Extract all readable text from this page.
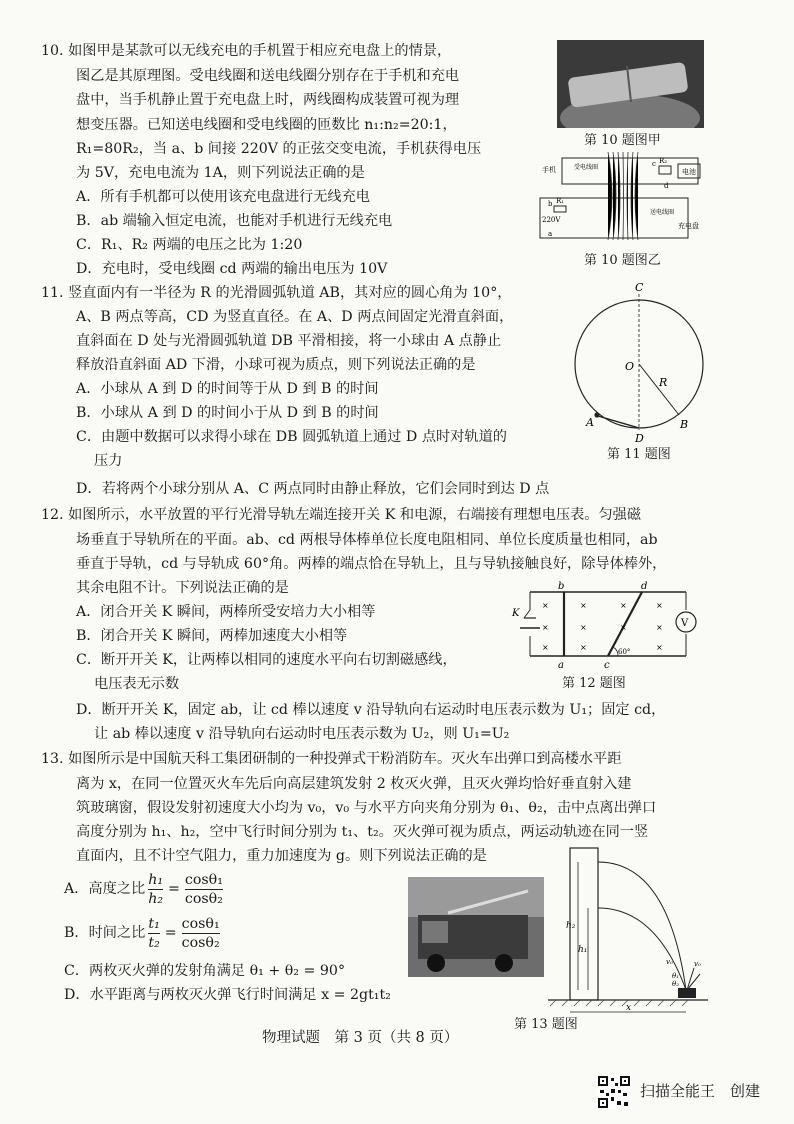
10. 如图甲是某款可以无线充电的手机置于相应充电盘上的情景，
图乙是其原理图。受电线圈和送电线圈分别存在于手机和充电
盘中，当手机静止置于充电盘上时，两线圈构成装置可视为理
想变压器。已知送电线圈和受电线圈的匝数比 n₁:n₂=20:1，
R₁=80R₂，当 a、b 间接 220V 的正弦交变电流，手机获得电压
为 5V，充电电流为 1A，则下列说法正确的是
A．所有手机都可以使用该充电盘进行无线充电
B．ab 端输入恒定电流，也能对手机进行无线充电
C．R₁、R₂ 两端的电压之比为 1:20
D．充电时，受电线圈 cd 两端的输出电压为 10V
第 10 题图甲
手机	受电线圈
R₂
电池
c
d
a
b R₁
220V
送电线圈
充电盘
第 10 题图乙
11. 竖直面内有一半径为 R 的光滑圆弧轨道 AB，其对应的圆心角为 10°，
A、B 两点等高，CD 为竖直直径。在 A、D 两点间固定光滑直斜面，
直斜面在 D 处与光滑圆弧轨道 DB 平滑相接，将一小球由 A 点静止
释放沿直斜面 AD 下滑，小球可视为质点，则下列说法正确的是
A．小球从 A 到 D 的时间等于从 D 到 B 的时间
B．小球从 A 到 D 的时间小于从 D 到 B 的时间
C．由题中数据可以求得小球在 DB 圆弧轨道上通过 D 点时对轨道的
压力
D．若将两个小球分别从 A、C 两点同时由静止释放，它们会同时到达 D 点
C
O
R
A
D
B
第 11 题图
12. 如图所示，水平放置的平行光滑导轨左端连接开关 K 和电源，右端接有理想电压表。匀强磁
场垂直于导轨所在的平面。ab、cd 两根导体棒单位长度电阻相同、单位长度质量也相同，ab
垂直于导轨，cd 与导轨成 60°角。两棒的端点恰在导轨上，且与导轨接触良好，除导体棒外，
其余电阻不计。下列说法正确的是
A．闭合开关 K 瞬间，两棒所受安培力大小相等
B．闭合开关 K 瞬间，两棒加速度大小相等
C．断开开关 K，让两棒以相同的速度水平向右切割磁感线，
电压表无示数
D．断开开关 K，固定 ab，让 cd 棒以速度 v 沿导轨向右运动时电压表示数为 U₁；固定 cd，
让 ab 棒以速度 v 沿导轨向右运动时电压表示数为 U₂，则 U₁=U₂
×
×
×
×
×
×
×
×
×
×
×
b	d
K
a	c
60°
V
第 12 题图
13. 如图所示是中国航天科工集团研制的一种投弹式干粉消防车。灭火车出弹口到高楼水平距
离为 x，在同一位置灭火车先后向高层建筑发射 2 枚灭火弹，且灭火弹均恰好垂直射入建
筑玻璃窗，假设发射初速度大小均为 v₀，v₀ 与水平方向夹角分别为 θ₁、θ₂，击中点离出弹口
高度分别为 h₁、h₂，空中飞行时间分别为 t₁、t₂。灭火弹可视为质点，两运动轨迹在同一竖
直面内，且不计空气阻力，重力加速度为 g。则下列说法正确的是
A．高度之比 $\frac{\text{h₁}}{\text{h₂}} = \frac{\text{cosθ₁}}{\text{cosθ₂}}$
B．时间之比 $\frac{\text{t₁}}{\text{t₂}} = \frac{\text{cosθ₁}}{\text{cosθ₂}}$
C．两枚灭火弹的发射角满足 θ₁ + θ₂ = 90°
D．水平距离与两枚灭火弹飞行时间满足 x = 2gt₁t₂
h₂
h₁
v₀
v₀
θ₁
θ₂
x
第 13 题图
物理试题　第 3 页（共 8 页）
扫描全能王　创建
